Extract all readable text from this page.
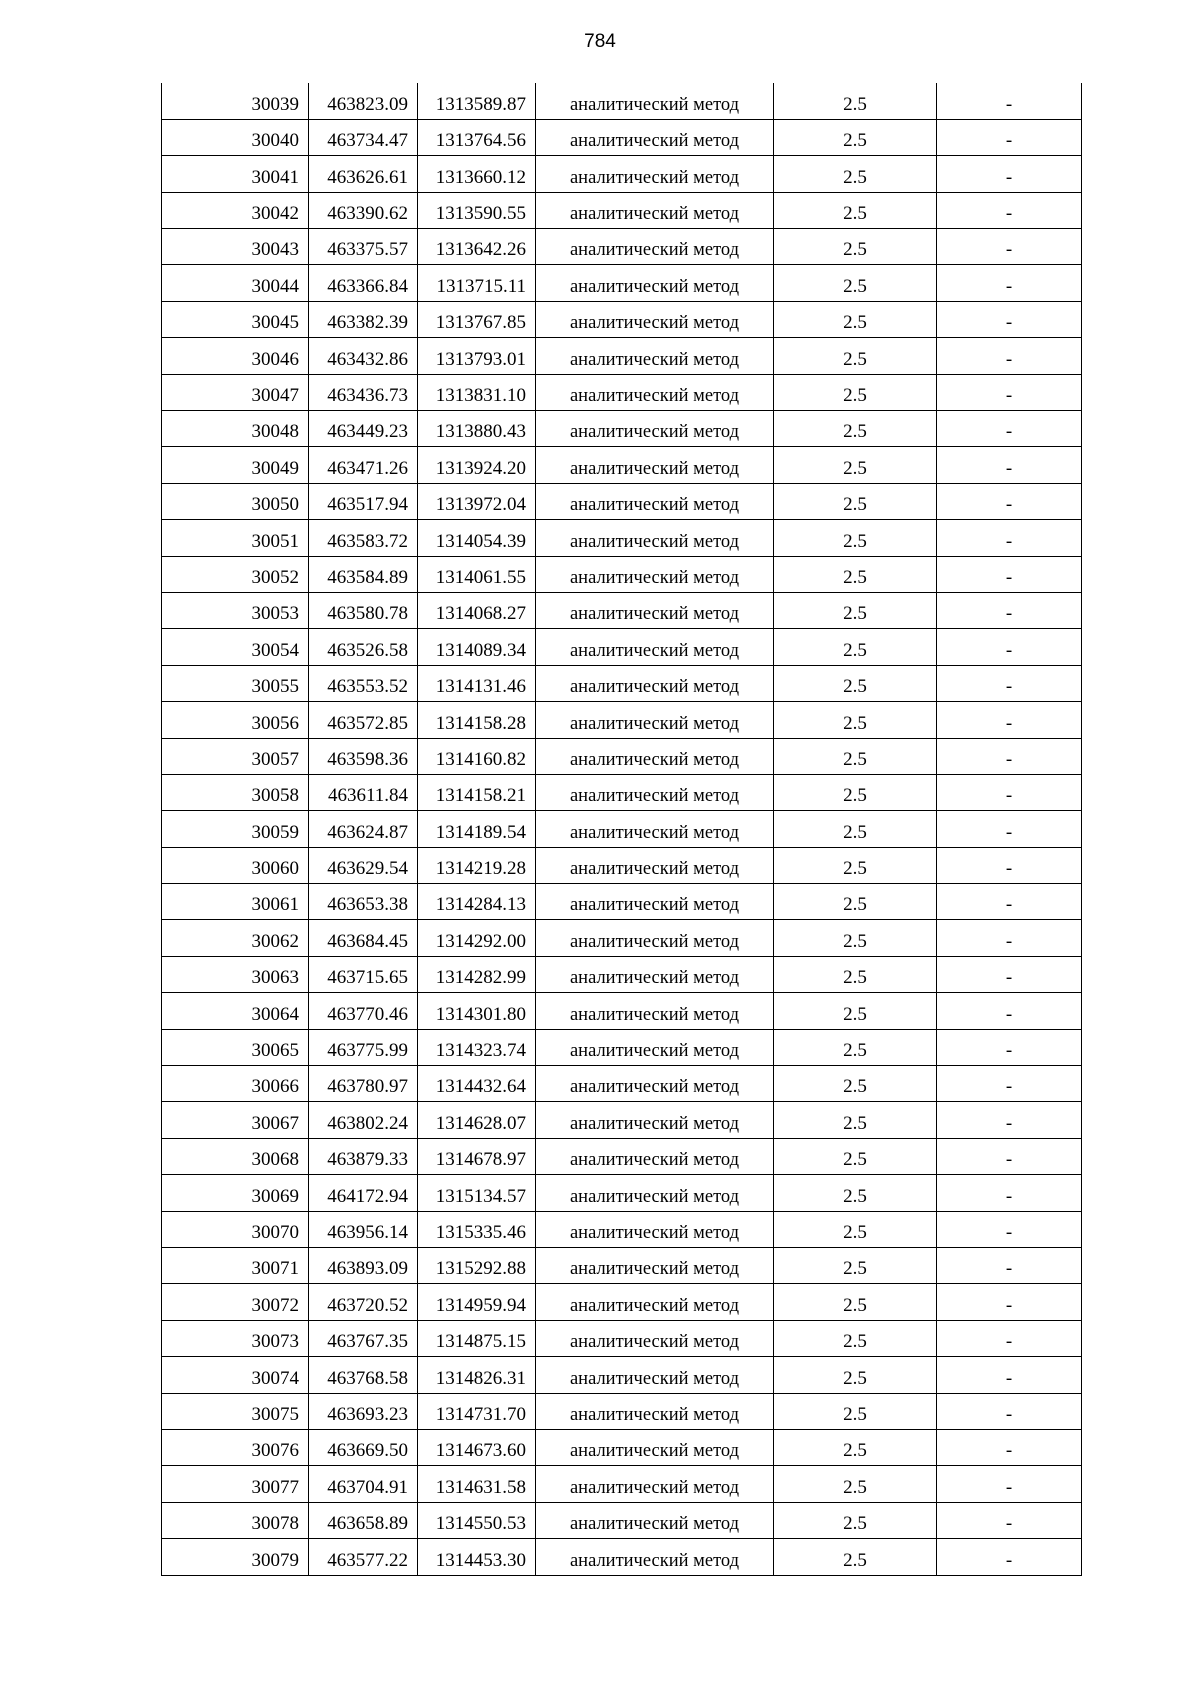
784
30039	463823.09	1313589.87	аналитический метод	2.5	-
30040	463734.47	1313764.56	аналитический метод	2.5	-
30041	463626.61	1313660.12	аналитический метод	2.5	-
30042	463390.62	1313590.55	аналитический метод	2.5	-
30043	463375.57	1313642.26	аналитический метод	2.5	-
30044	463366.84	1313715.11	аналитический метод	2.5	-
30045	463382.39	1313767.85	аналитический метод	2.5	-
30046	463432.86	1313793.01	аналитический метод	2.5	-
30047	463436.73	1313831.10	аналитический метод	2.5	-
30048	463449.23	1313880.43	аналитический метод	2.5	-
30049	463471.26	1313924.20	аналитический метод	2.5	-
30050	463517.94	1313972.04	аналитический метод	2.5	-
30051	463583.72	1314054.39	аналитический метод	2.5	-
30052	463584.89	1314061.55	аналитический метод	2.5	-
30053	463580.78	1314068.27	аналитический метод	2.5	-
30054	463526.58	1314089.34	аналитический метод	2.5	-
30055	463553.52	1314131.46	аналитический метод	2.5	-
30056	463572.85	1314158.28	аналитический метод	2.5	-
30057	463598.36	1314160.82	аналитический метод	2.5	-
30058	463611.84	1314158.21	аналитический метод	2.5	-
30059	463624.87	1314189.54	аналитический метод	2.5	-
30060	463629.54	1314219.28	аналитический метод	2.5	-
30061	463653.38	1314284.13	аналитический метод	2.5	-
30062	463684.45	1314292.00	аналитический метод	2.5	-
30063	463715.65	1314282.99	аналитический метод	2.5	-
30064	463770.46	1314301.80	аналитический метод	2.5	-
30065	463775.99	1314323.74	аналитический метод	2.5	-
30066	463780.97	1314432.64	аналитический метод	2.5	-
30067	463802.24	1314628.07	аналитический метод	2.5	-
30068	463879.33	1314678.97	аналитический метод	2.5	-
30069	464172.94	1315134.57	аналитический метод	2.5	-
30070	463956.14	1315335.46	аналитический метод	2.5	-
30071	463893.09	1315292.88	аналитический метод	2.5	-
30072	463720.52	1314959.94	аналитический метод	2.5	-
30073	463767.35	1314875.15	аналитический метод	2.5	-
30074	463768.58	1314826.31	аналитический метод	2.5	-
30075	463693.23	1314731.70	аналитический метод	2.5	-
30076	463669.50	1314673.60	аналитический метод	2.5	-
30077	463704.91	1314631.58	аналитический метод	2.5	-
30078	463658.89	1314550.53	аналитический метод	2.5	-
30079	463577.22	1314453.30	аналитический метод	2.5	-
